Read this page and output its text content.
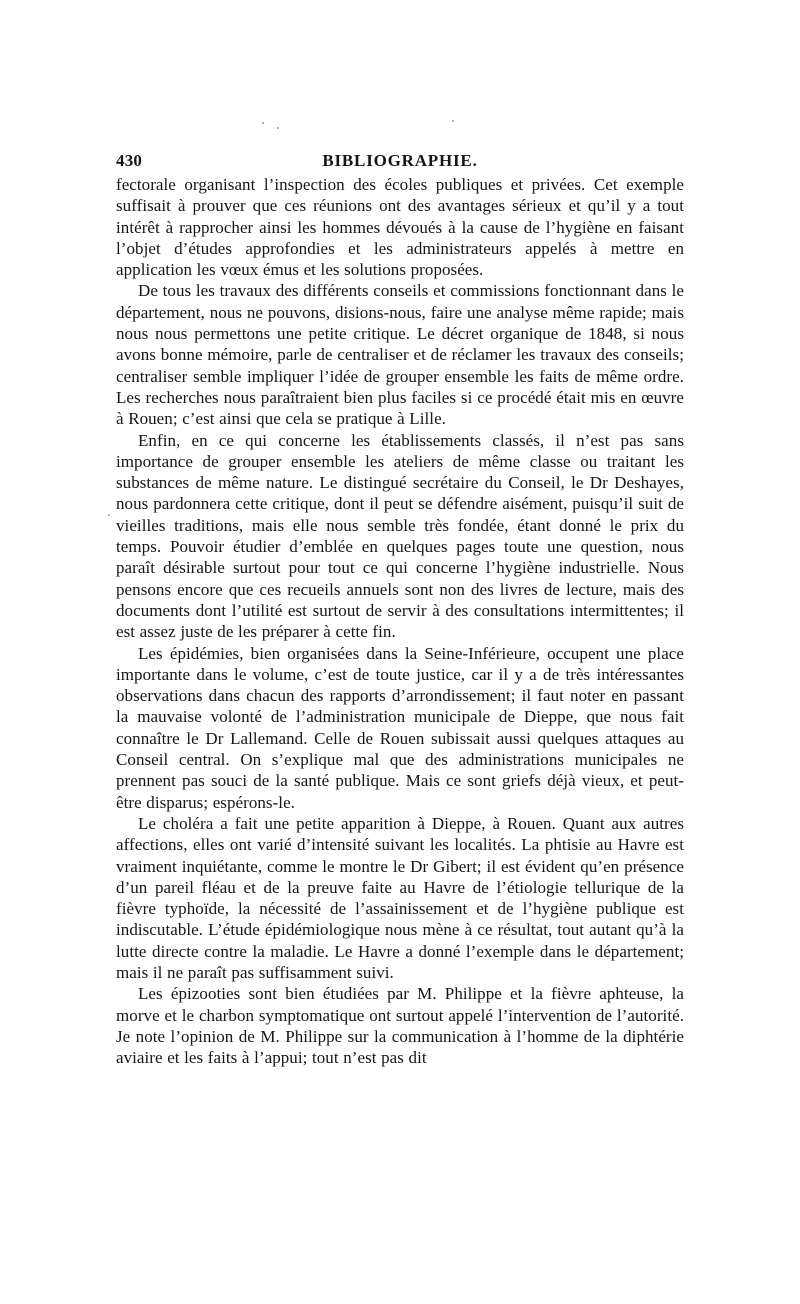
430	BIBLIOGRAPHIE.

fectorale organisant l’inspection des écoles publiques et privées. Cet exemple suffisait à prouver que ces réunions ont des avantages sérieux et qu’il y a tout intérêt à rapprocher ainsi les hommes dévoués à la cause de l’hygiène en faisant l’objet d’études approfondies et les administrateurs appelés à mettre en application les vœux émus et les solutions proposées.

De tous les travaux des différents conseils et commissions fonctionnant dans le département, nous ne pouvons, disions-nous, faire une analyse même rapide; mais nous nous permettons une petite critique. Le décret organique de 1848, si nous avons bonne mémoire, parle de centraliser et de réclamer les travaux des conseils; centraliser semble impliquer l’idée de grouper ensemble les faits de même ordre. Les recherches nous paraîtraient bien plus faciles si ce procédé était mis en œuvre à Rouen; c’est ainsi que cela se pratique à Lille.

Enfin, en ce qui concerne les établissements classés, il n’est pas sans importance de grouper ensemble les ateliers de même classe ou traitant les substances de même nature. Le distingué secrétaire du Conseil, le Dr Deshayes, nous pardonnera cette critique, dont il peut se défendre aisément, puisqu’il suit de vieilles traditions, mais elle nous semble très fondée, étant donné le prix du temps. Pouvoir étudier d’emblée en quelques pages toute une question, nous paraît désirable surtout pour tout ce qui concerne l’hygiène industrielle. Nous pensons encore que ces recueils annuels sont non des livres de lecture, mais des documents dont l’utilité est surtout de servir à des consultations intermittentes; il est assez juste de les préparer à cette fin.

Les épidémies, bien organisées dans la Seine-Inférieure, occupent une place importante dans le volume, c’est de toute justice, car il y a de très intéressantes observations dans chacun des rapports d’arrondissement; il faut noter en passant la mauvaise volonté de l’administration municipale de Dieppe, que nous fait connaître le Dr Lallemand. Celle de Rouen subissait aussi quelques attaques au Conseil central. On s’explique mal que des administrations municipales ne prennent pas souci de la santé publique. Mais ce sont griefs déjà vieux, et peut-être disparus; espérons-le.

Le choléra a fait une petite apparition à Dieppe, à Rouen. Quant aux autres affections, elles ont varié d’intensité suivant les localités. La phtisie au Havre est vraiment inquiétante, comme le montre le Dr Gibert; il est évident qu’en présence d’un pareil fléau et de la preuve faite au Havre de l’étiologie tellurique de la fièvre typhoïde, la nécessité de l’assainissement et de l’hygiène publique est indiscutable. L’étude épidémiologique nous mène à ce résultat, tout autant qu’à la lutte directe contre la maladie. Le Havre a donné l’exemple dans le département; mais il ne paraît pas suffisamment suivi.

Les épizooties sont bien étudiées par M. Philippe et la fièvre aphteuse, la morve et le charbon symptomatique ont surtout appelé l’intervention de l’autorité. Je note l’opinion de M. Philippe sur la communication à l’homme de la diphtérie aviaire et les faits à l’appui; tout n’est pas dit
